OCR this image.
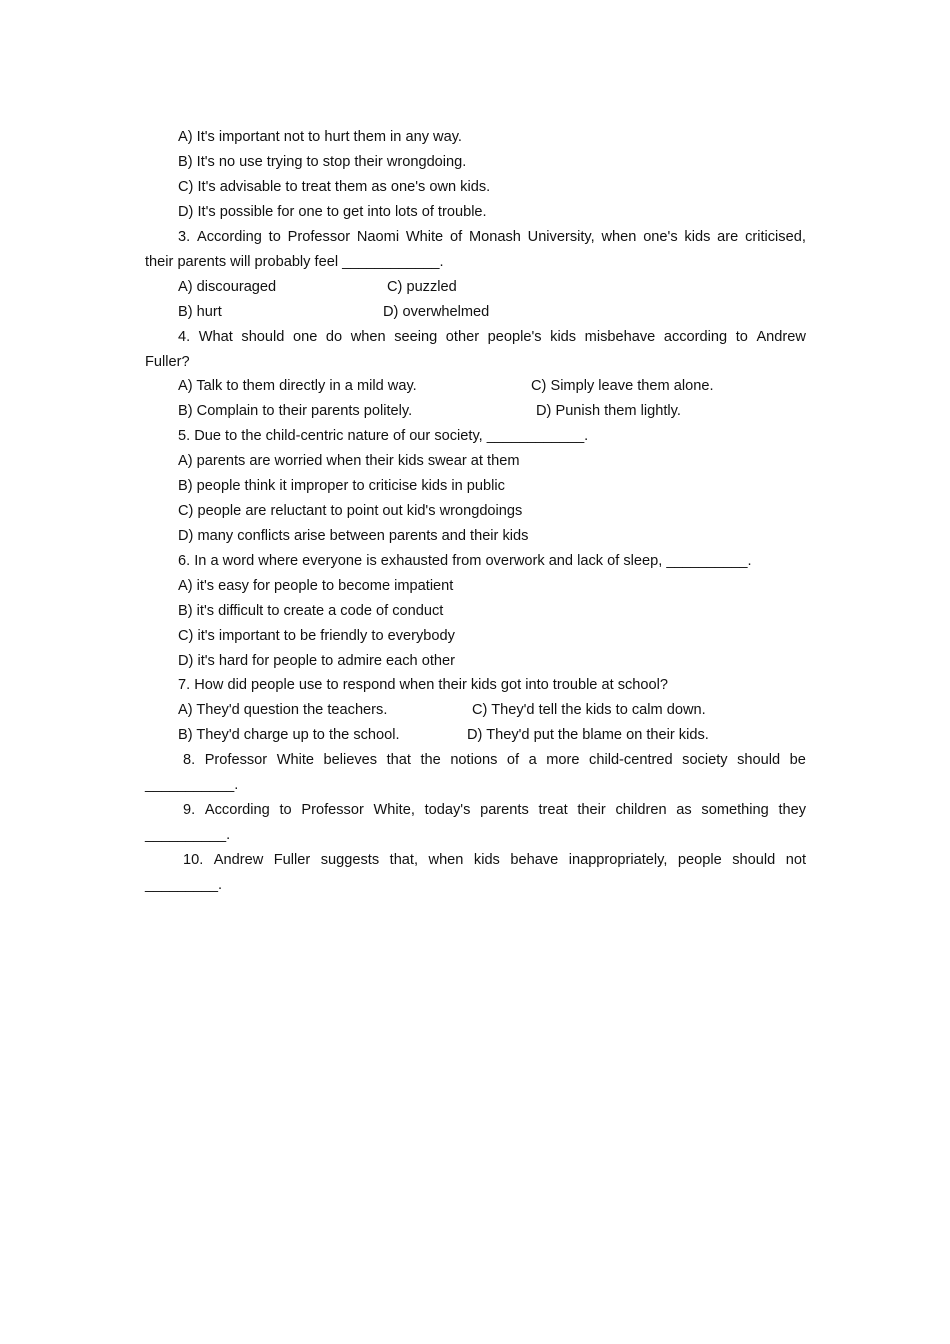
A) It's important not to hurt them in any way.
B) It's no use trying to stop their wrongdoing.
C) It's advisable to treat them as one's own kids.
D) It's possible for one to get into lots of trouble.
3. According to Professor Naomi White of Monash University, when one's kids are criticised,
their parents will probably feel ____________.
A) discouraged	C) puzzled
B) hurt	D) overwhelmed
4. What should one do when seeing other people's kids misbehave according to Andrew
Fuller?
A) Talk to them directly in a mild way.	C) Simply leave them alone.
B) Complain to their parents politely.	D) Punish them lightly.
5. Due to the child-centric nature of our society, ____________.
A) parents are worried when their kids swear at them
B) people think it improper to criticise kids in public
C) people are reluctant to point out kid's wrongdoings
D) many conflicts arise between parents and their kids
6. In a word where everyone is exhausted from overwork and lack of sleep, __________.
A) it's easy for people to become impatient
B) it's difficult to create a code of conduct
C) it's important to be friendly to everybody
D) it's hard for people to admire each other
7. How did people use to respond when their kids got into trouble at school?
A) They'd question the teachers.	C) They'd tell the kids to calm down.
B) They'd charge up to the school.	D) They'd put the blame on their kids.
8. Professor White believes that the notions of a more child-centred society should be
___________.
9. According to Professor White, today's parents treat their children as something they
__________.
10. Andrew Fuller suggests that, when kids behave inappropriately, people should not
_________.
